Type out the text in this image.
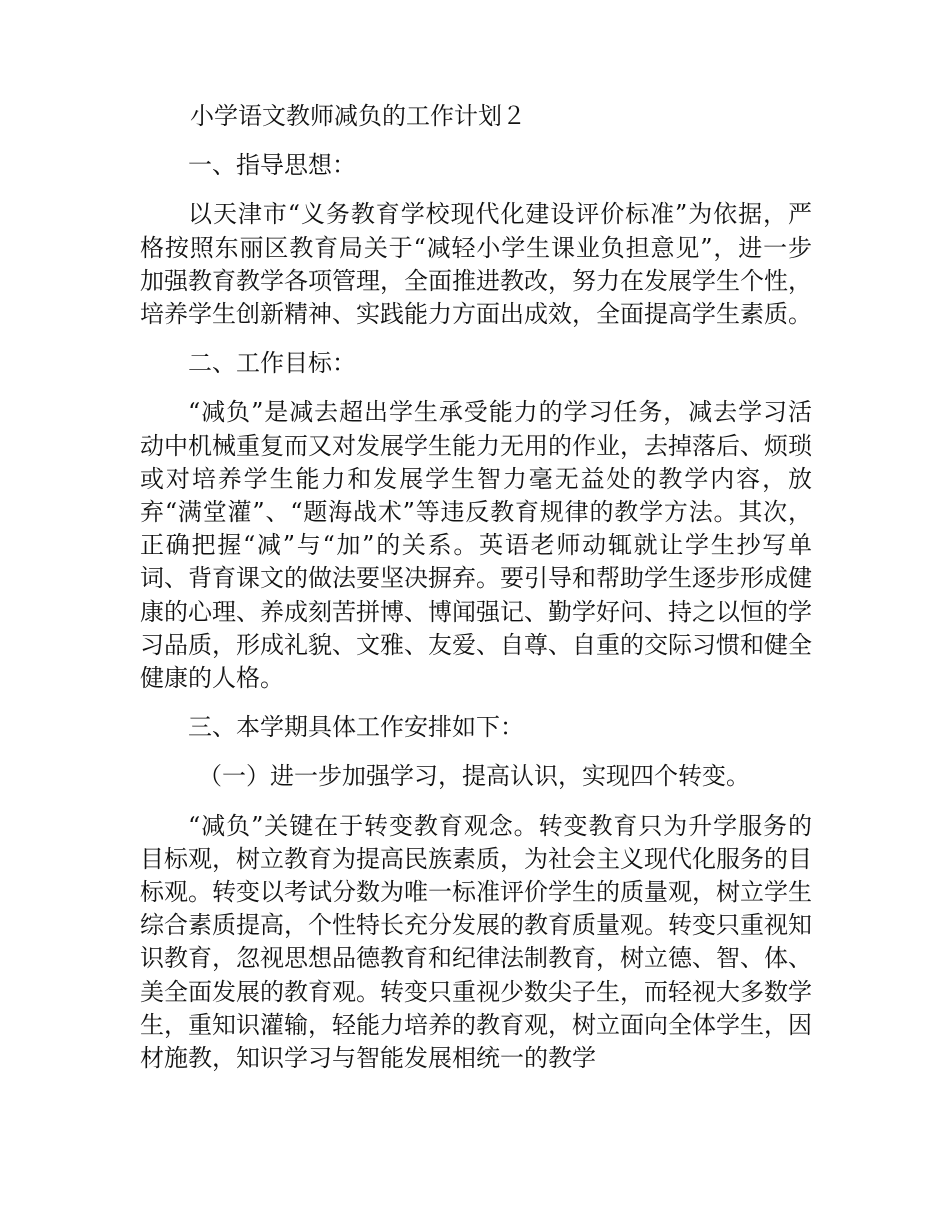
小学语文教师减负的工作计划２

一、指导思想：

以天津市“义务教育学校现代化建设评价标准”为依据，严格按照东丽区教育局关于“减轻小学生课业负担意见”，进一步加强教育教学各项管理，全面推进教改，努力在发展学生个性，培养学生创新精神、实践能力方面出成效，全面提高学生素质。

二、工作目标：

“减负”是减去超出学生承受能力的学习任务，减去学习活动中机械重复而又对发展学生能力无用的作业，去掉落后、烦琐或对培养学生能力和发展学生智力毫无益处的教学内容，放弃“满堂灌”、“题海战术”等违反教育规律的教学方法。其次，正确把握“减”与“加”的关系。英语老师动辄就让学生抄写单词、背育课文的做法要坚决摒弃。要引导和帮助学生逐步形成健康的心理、养成刻苦拼博、博闻强记、勤学好问、持之以恒的学习品质，形成礼貌、文雅、友爱、自尊、自重的交际习惯和健全健康的人格。

三、本学期具体工作安排如下：

（一）进一步加强学习，提高认识，实现四个转变。

“减负”关键在于转变教育观念。转变教育只为升学服务的目标观，树立教育为提高民族素质，为社会主义现代化服务的目标观。转变以考试分数为唯一标准评价学生的质量观，树立学生综合素质提高，个性特长充分发展的教育质量观。转变只重视知识教育，忽视思想品德教育和纪律法制教育，树立德、智、体、美全面发展的教育观。转变只重视少数尖子生，而轻视大多数学生，重知识灌输，轻能力培养的教育观，树立面向全体学生，因材施教，知识学习与智能发展相统一的教学
